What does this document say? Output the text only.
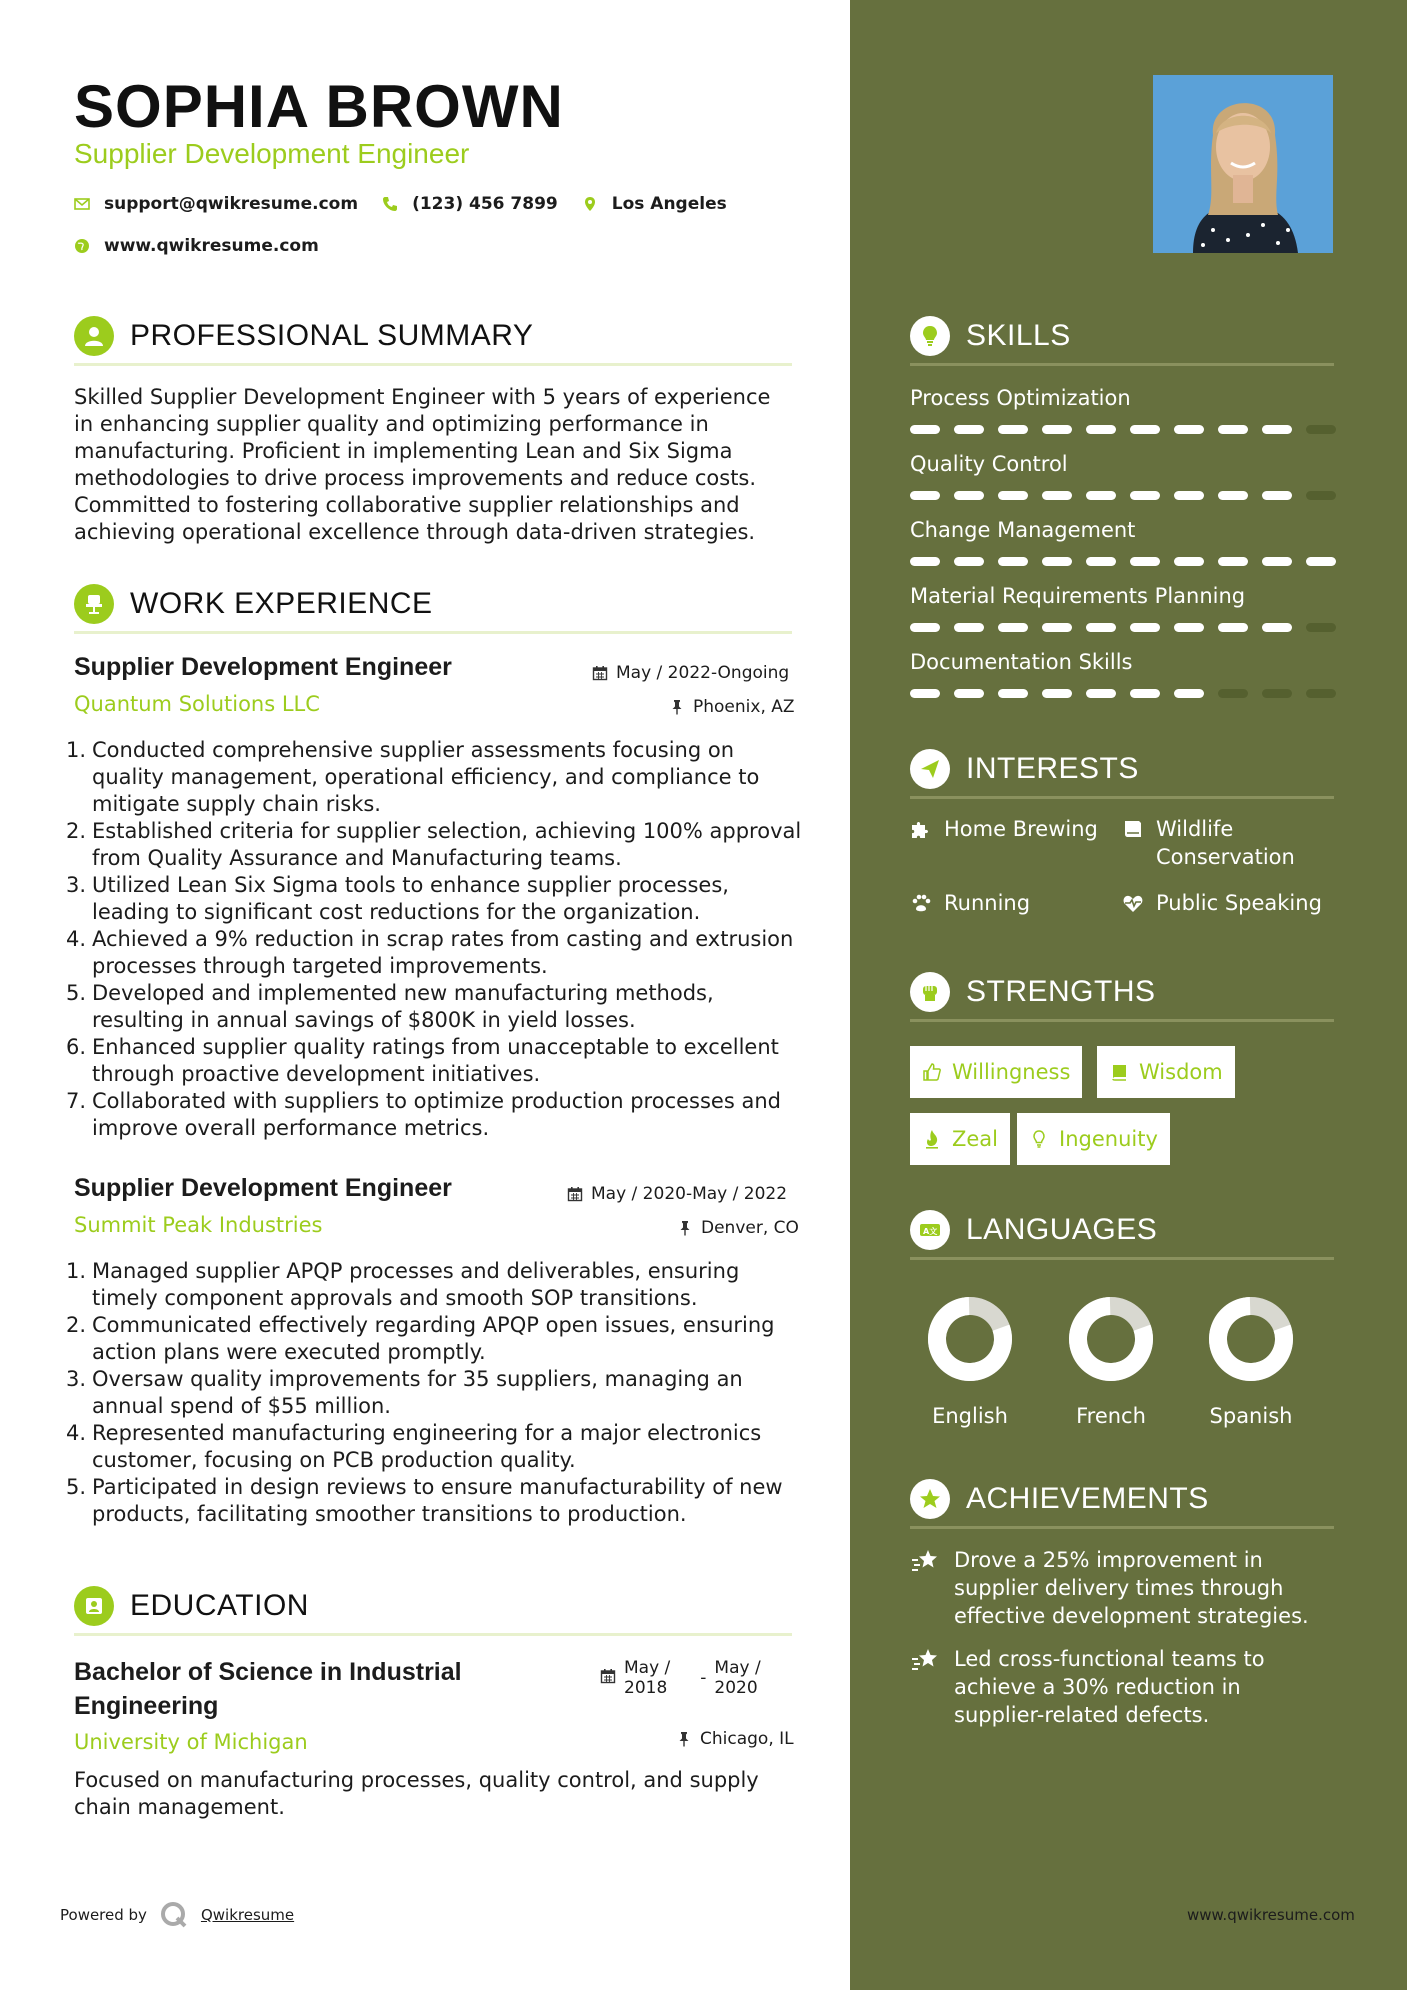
SOPHIA BROWN
Supplier Development Engineer
support@qwikresume.com	(123) 456 7899	Los Angeles
www.qwikresume.com
PROFESSIONAL SUMMARY
Skilled Supplier Development Engineer with 5 years of experience in enhancing supplier quality and optimizing performance in manufacturing. Proficient in implementing Lean and Six Sigma methodologies to drive process improvements and reduce costs. Committed to fostering collaborative supplier relationships and achieving operational excellence through data-driven strategies.
WORK EXPERIENCE
Supplier Development Engineer	May / 2022-Ongoing
Quantum Solutions LLC	Phoenix, AZ
Conducted comprehensive supplier assessments focusing on quality management, operational efficiency, and compliance to mitigate supply chain risks.
Established criteria for supplier selection, achieving 100% approval from Quality Assurance and Manufacturing teams.
Utilized Lean Six Sigma tools to enhance supplier processes, leading to significant cost reductions for the organization.
Achieved a 9% reduction in scrap rates from casting and extrusion processes through targeted improvements.
Developed and implemented new manufacturing methods, resulting in annual savings of $800K in yield losses.
Enhanced supplier quality ratings from unacceptable to excellent through proactive development initiatives.
Collaborated with suppliers to optimize production processes and improve overall performance metrics.
Supplier Development Engineer	May / 2020-May / 2022
Summit Peak Industries	Denver, CO
Managed supplier APQP processes and deliverables, ensuring timely component approvals and smooth SOP transitions.
Communicated effectively regarding APQP open issues, ensuring action plans were executed promptly.
Oversaw quality improvements for 35 suppliers, managing an annual spend of $55 million.
Represented manufacturing engineering for a major electronics customer, focusing on PCB production quality.
Participated in design reviews to ensure manufacturability of new products, facilitating smoother transitions to production.
EDUCATION
Bachelor of Science in Industrial
Engineering
May /
2018 - May /
2020
University of Michigan	Chicago, IL
Focused on manufacturing processes, quality control, and supply chain management.
Powered by	Qwikresume
SKILLS
Process Optimization
Quality Control
Change Management
Material Requirements Planning
Documentation Skills
INTERESTS
Home Brewing	Wildlife
Conservation
Running	Public Speaking
STRENGTHS
Willingness	Wisdom
Zeal	Ingenuity
A文 LANGUAGES
English	French	Spanish
ACHIEVEMENTS
Drove a 25% improvement in supplier delivery times through effective development strategies.
Led cross-functional teams to achieve a 30% reduction in supplier-related defects.
www.qwikresume.com
